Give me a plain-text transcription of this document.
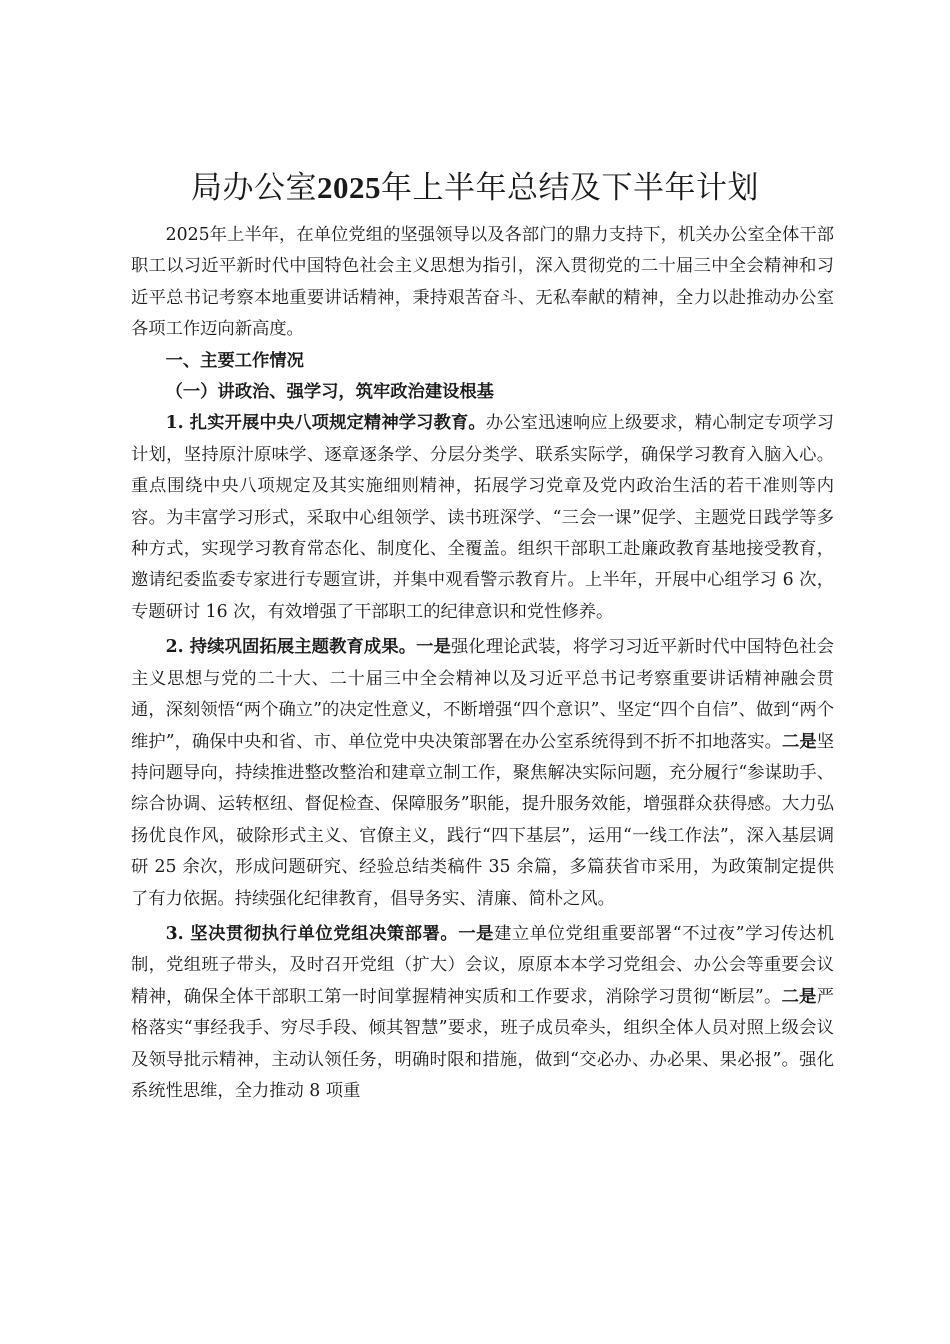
局办公室2025年上半年总结及下半年计划

2025年上半年，在单位党组的坚强领导以及各部门的鼎力支持下，机关办公室全体干部职工以习近平新时代中国特色社会主义思想为指引，深入贯彻党的二十届三中全会精神和习近平总书记考察本地重要讲话精神，秉持艰苦奋斗、无私奉献的精神，全力以赴推动办公室各项工作迈向新高度。

一、主要工作情况

（一）讲政治、强学习，筑牢政治建设根基

1. 扎实开展中央八项规定精神学习教育。办公室迅速响应上级要求，精心制定专项学习计划，坚持原汁原味学、逐章逐条学、分层分类学、联系实际学，确保学习教育入脑入心。重点围绕中央八项规定及其实施细则精神，拓展学习党章及党内政治生活的若干准则等内容。为丰富学习形式，采取中心组领学、读书班深学、“三会一课”促学、主题党日践学等多种方式，实现学习教育常态化、制度化、全覆盖。组织干部职工赴廉政教育基地接受教育，邀请纪委监委专家进行专题宣讲，并集中观看警示教育片。上半年，开展中心组学习 6 次，专题研讨 16 次，有效增强了干部职工的纪律意识和党性修养。

2. 持续巩固拓展主题教育成果。一是强化理论武装，将学习习近平新时代中国特色社会主义思想与党的二十大、二十届三中全会精神以及习近平总书记考察重要讲话精神融会贯通，深刻领悟“两个确立”的决定性意义，不断增强“四个意识”、坚定“四个自信”、做到“两个维护”，确保中央和省、市、单位党中央决策部署在办公室系统得到不折不扣地落实。二是坚持问题导向，持续推进整改整治和建章立制工作，聚焦解决实际问题，充分履行“参谋助手、综合协调、运转枢纽、督促检查、保障服务”职能，提升服务效能，增强群众获得感。大力弘扬优良作风，破除形式主义、官僚主义，践行“四下基层”，运用“一线工作法”，深入基层调研 25 余次，形成问题研究、经验总结类稿件 35 余篇，多篇获省市采用，为政策制定提供了有力依据。持续强化纪律教育，倡导务实、清廉、简朴之风。

3. 坚决贯彻执行单位党组决策部署。一是建立单位党组重要部署“不过夜”学习传达机制，党组班子带头，及时召开党组（扩大）会议，原原本本学习党组会、办公会等重要会议精神，确保全体干部职工第一时间掌握精神实质和工作要求，消除学习贯彻“断层”。二是严格落实“事经我手、穷尽手段、倾其智慧”要求，班子成员牵头，组织全体人员对照上级会议及领导批示精神，主动认领任务，明确时限和措施，做到“交必办、办必果、果必报”。强化系统性思维，全力推动 8 项重
